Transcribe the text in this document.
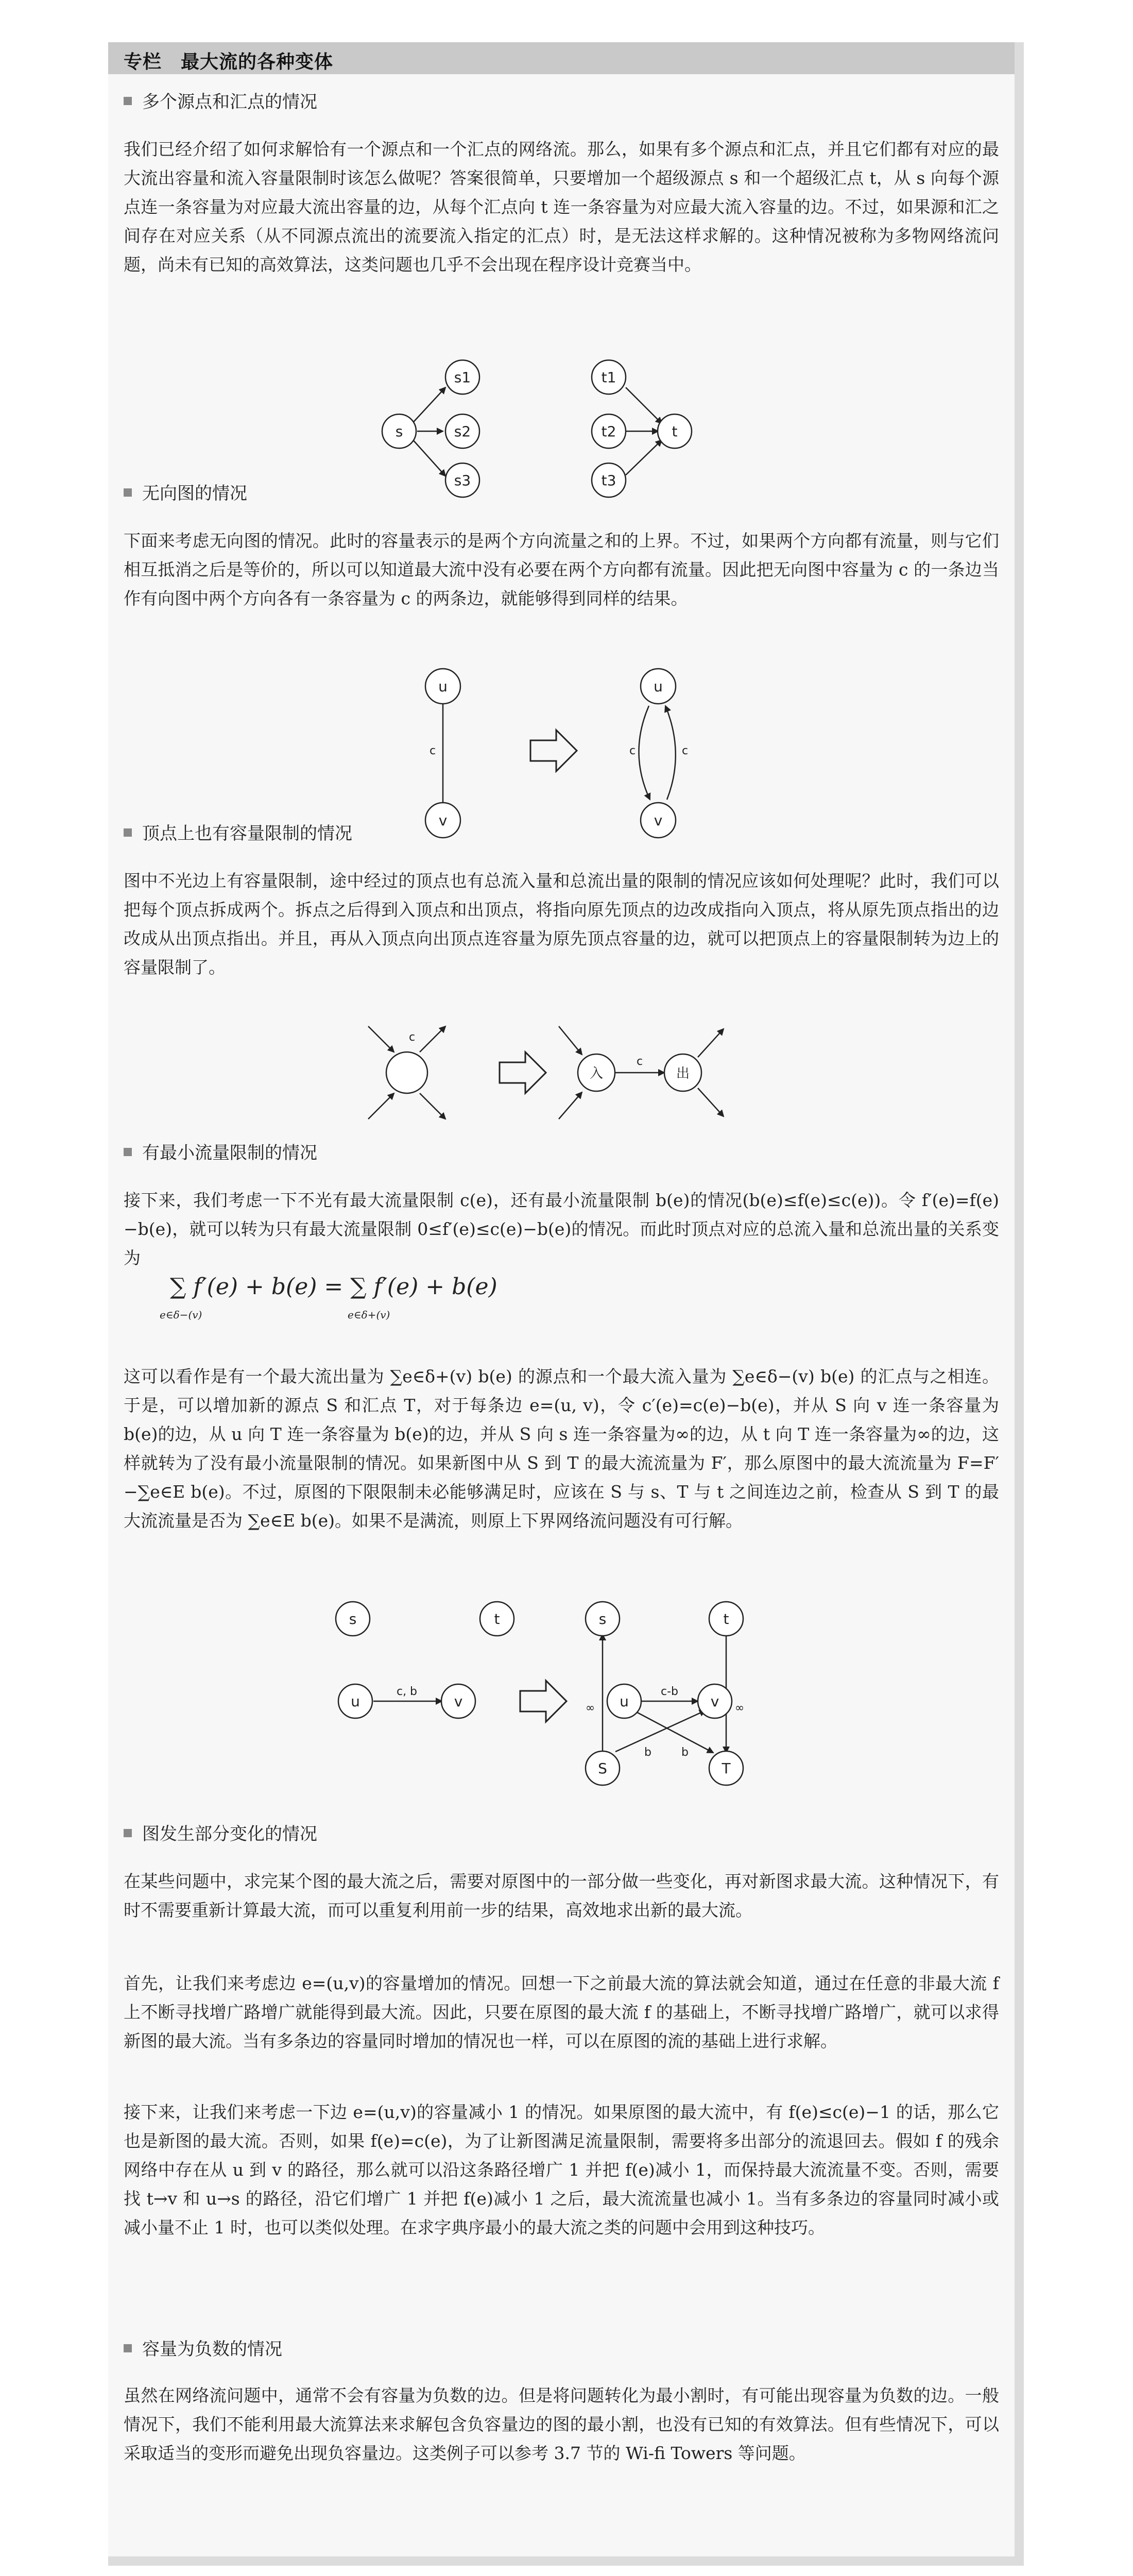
专栏　最大流的各种变体
多个源点和汇点的情况
我们已经介绍了如何求解恰有一个源点和一个汇点的网络流。那么，如果有多个源点和汇点，并且它们都有对应的最大流出容量和流入容量限制时该怎么做呢？答案很简单，只要增加一个超级源点 s 和一个超级汇点 t，从 s 向每个源点连一条容量为对应最大流出容量的边，从每个汇点向 t 连一条容量为对应最大流入容量的边。不过，如果源和汇之间存在对应关系（从不同源点流出的流要流入指定的汇点）时，是无法这样求解的。这种情况被称为多物网络流问题，尚未有已知的高效算法，这类问题也几乎不会出现在程序设计竞赛当中。
s
s1
s2
s3
t1
t2
t3
t
无向图的情况
下面来考虑无向图的情况。此时的容量表示的是两个方向流量之和的上界。不过，如果两个方向都有流量，则与它们相互抵消之后是等价的，所以可以知道最大流中没有必要在两个方向都有流量。因此把无向图中容量为 c 的一条边当作有向图中两个方向各有一条容量为 c 的两条边，就能够得到同样的结果。
u
v
u
v
c	c	c
顶点上也有容量限制的情况
图中不光边上有容量限制，途中经过的顶点也有总流入量和总流出量的限制的情况应该如何处理呢？此时，我们可以把每个顶点拆成两个。拆点之后得到入顶点和出顶点，将指向原先顶点的边改成指向入顶点，将从原先顶点指出的边改成从出顶点指出。并且，再从入顶点向出顶点连容量为原先顶点容量的边，就可以把顶点上的容量限制转为边上的容量限制了。
入	出
c
c
有最小流量限制的情况
接下来，我们考虑一下不光有最大流量限制 c(e)，还有最小流量限制 b(e)的情况(b(e)≤f(e)≤c(e))。令 f′(e)=f(e)−b(e)，就可以转为只有最大流量限制 0≤f′(e)≤c(e)−b(e)的情况。而此时顶点对应的总流入量和总流出量的关系变为
∑ f′(e) + b(e) = ∑ f′(e) + b(e)
e∈δ−(v)	e∈δ+(v)
这可以看作是有一个最大流出量为 ∑e∈δ+(v) b(e) 的源点和一个最大流入量为 ∑e∈δ−(v) b(e) 的汇点与之相连。于是，可以增加新的源点 S 和汇点 T，对于每条边 e=(u, v)，令 c′(e)=c(e)−b(e)，并从 S 向 v 连一条容量为 b(e)的边，从 u 向 T 连一条容量为 b(e)的边，并从 S 向 s 连一条容量为∞的边，从 t 向 T 连一条容量为∞的边，这样就转为了没有最小流量限制的情况。如果新图中从 S 到 T 的最大流流量为 F′，那么原图中的最大流流量为 F=F′−∑e∈E b(e)。不过，原图的下限限制未必能够满足时，应该在 S 与 s、T 与 t 之间连边之前，检查从 S 到 T 的最大流流量是否为 ∑e∈E b(e)。如果不是满流，则原上下界网络流问题没有可行解。
s	t
u	v
s	t
u	v
S	T
c, b	c-b
b	b
∞	∞
图发生部分变化的情况
在某些问题中，求完某个图的最大流之后，需要对原图中的一部分做一些变化，再对新图求最大流。这种情况下，有时不需要重新计算最大流，而可以重复利用前一步的结果，高效地求出新的最大流。
首先，让我们来考虑边 e=(u,v)的容量增加的情况。回想一下之前最大流的算法就会知道，通过在任意的非最大流 f 上不断寻找增广路增广就能得到最大流。因此，只要在原图的最大流 f 的基础上，不断寻找增广路增广，就可以求得新图的最大流。当有多条边的容量同时增加的情况也一样，可以在原图的流的基础上进行求解。
接下来，让我们来考虑一下边 e=(u,v)的容量减小 1 的情况。如果原图的最大流中，有 f(e)≤c(e)−1 的话，那么它也是新图的最大流。否则，如果 f(e)=c(e)，为了让新图满足流量限制，需要将多出部分的流退回去。假如 f 的残余网络中存在从 u 到 v 的路径，那么就可以沿这条路径增广 1 并把 f(e)减小 1，而保持最大流流量不变。否则，需要找 t→v 和 u→s 的路径，沿它们增广 1 并把 f(e)减小 1 之后，最大流流量也减小 1。当有多条边的容量同时减小或减小量不止 1 时，也可以类似处理。在求字典序最小的最大流之类的问题中会用到这种技巧。
容量为负数的情况
虽然在网络流问题中，通常不会有容量为负数的边。但是将问题转化为最小割时，有可能出现容量为负数的边。一般情况下，我们不能利用最大流算法来求解包含负容量边的图的最小割，也没有已知的有效算法。但有些情况下，可以采取适当的变形而避免出现负容量边。这类例子可以参考 3.7 节的 Wi-fi Towers 等问题。
